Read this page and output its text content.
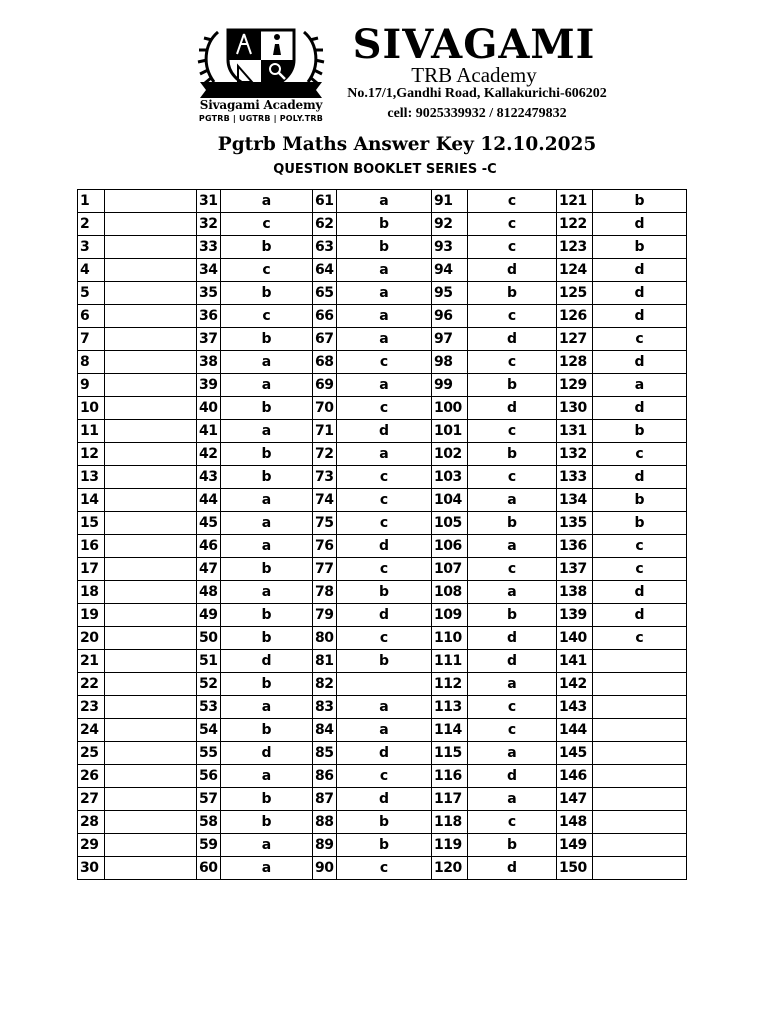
Sivagami Academy
PGTRB | UGTRB | POLY.TRB
SIVAGAMI
TRB Academy
No.17/1,Gandhi Road, Kallakurichi-606202
cell: 9025339932 / 8122479832
Pgtrb Maths Answer Key 12.10.2025
QUESTION BOOKLET SERIES -C
1		31	a	61	a	91	c	121	b
2		32	c	62	b	92	c	122	d
3		33	b	63	b	93	c	123	b
4		34	c	64	a	94	d	124	d
5		35	b	65	a	95	b	125	d
6		36	c	66	a	96	c	126	d
7		37	b	67	a	97	d	127	c
8		38	a	68	c	98	c	128	d
9		39	a	69	a	99	b	129	a
10		40	b	70	c	100	d	130	d
11		41	a	71	d	101	c	131	b
12		42	b	72	a	102	b	132	c
13		43	b	73	c	103	c	133	d
14		44	a	74	c	104	a	134	b
15		45	a	75	c	105	b	135	b
16		46	a	76	d	106	a	136	c
17		47	b	77	c	107	c	137	c
18		48	a	78	b	108	a	138	d
19		49	b	79	d	109	b	139	d
20		50	b	80	c	110	d	140	c
21		51	d	81	b	111	d	141	
22		52	b	82		112	a	142	
23		53	a	83	a	113	c	143	
24		54	b	84	a	114	c	144	
25		55	d	85	d	115	a	145	
26		56	a	86	c	116	d	146	
27		57	b	87	d	117	a	147	
28		58	b	88	b	118	c	148	
29		59	a	89	b	119	b	149	
30		60	a	90	c	120	d	150	
